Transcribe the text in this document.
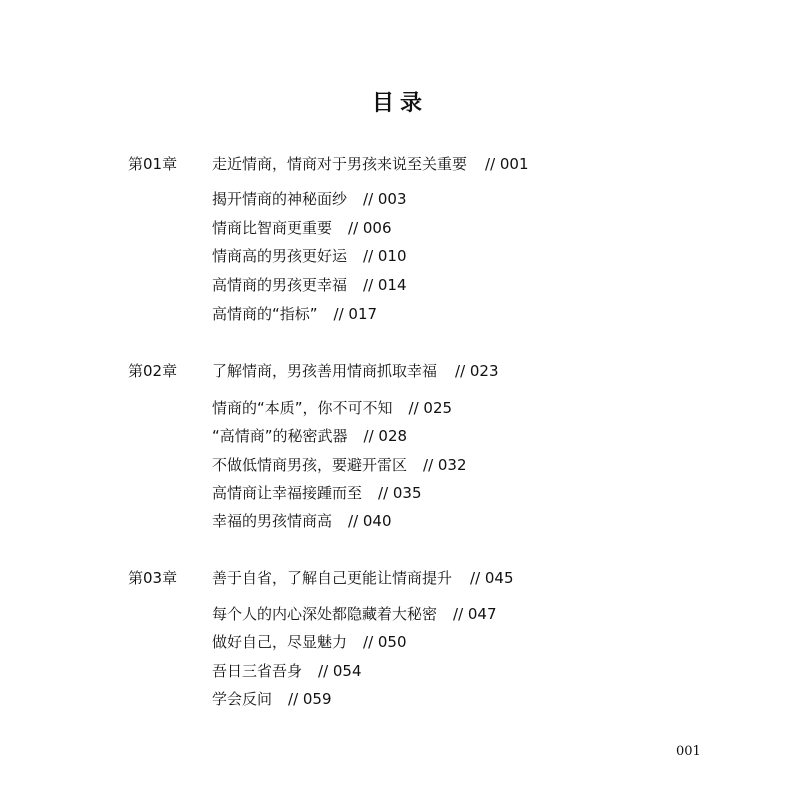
目录
第01章 走近情商，情商对于男孩来说至关重要 // 001
揭开情商的神秘面纱 // 003
情商比智商更重要 // 006
情商高的男孩更好运 // 010
高情商的男孩更幸福 // 014
高情商的“指标” // 017
第02章 了解情商，男孩善用情商抓取幸福 // 023
情商的“本质”，你不可不知 // 025
“高情商”的秘密武器 // 028
不做低情商男孩，要避开雷区 // 032
高情商让幸福接踵而至 // 035
幸福的男孩情商高 // 040
第03章 善于自省，了解自己更能让情商提升 // 045
每个人的内心深处都隐藏着大秘密 // 047
做好自己，尽显魅力 // 050
吾日三省吾身 // 054
学会反问 // 059
001
